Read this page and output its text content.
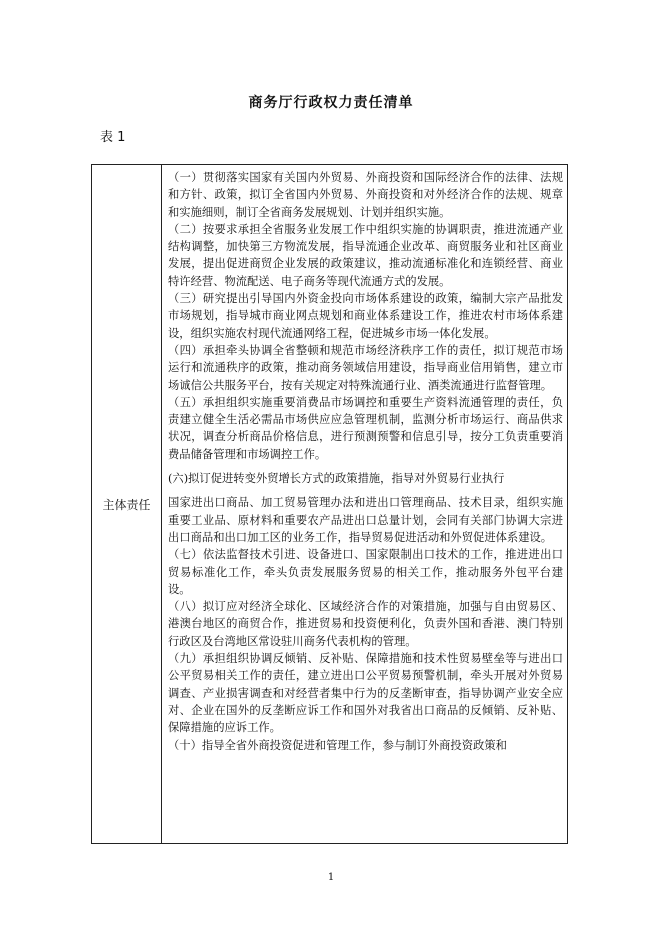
商务厅行政权力责任清单
表 1
主体责任

（一）贯彻落实国家有关国内外贸易、外商投资和国际经济合作的法律、法规和方针、政策，拟订全省国内外贸易、外商投资和对外经济合作的法规、规章和实施细则，制订全省商务发展规划、计划并组织实施。

（二）按要求承担全省服务业发展工作中组织实施的协调职责，推进流通产业结构调整，加快第三方物流发展，指导流通企业改革、商贸服务业和社区商业发展，提出促进商贸企业发展的政策建议，推动流通标准化和连锁经营、商业特许经营、物流配送、电子商务等现代流通方式的发展。

（三）研究提出引导国内外资金投向市场体系建设的政策，编制大宗产品批发市场规划，指导城市商业网点规划和商业体系建设工作，推进农村市场体系建设，组织实施农村现代流通网络工程，促进城乡市场一体化发展。

（四）承担牵头协调全省整顿和规范市场经济秩序工作的责任，拟订规范市场运行和流通秩序的政策，推动商务领域信用建设，指导商业信用销售，建立市场诚信公共服务平台，按有关规定对特殊流通行业、酒类流通进行监督管理。

（五）承担组织实施重要消费品市场调控和重要生产资料流通管理的责任，负责建立健全生活必需品市场供应应急管理机制，监测分析市场运行、商品供求状况，调查分析商品价格信息，进行预测预警和信息引导，按分工负责重要消费品储备管理和市场调控工作。

(六)拟订促进转变外贸增长方式的政策措施，指导对外贸易行业执行

国家进出口商品、加工贸易管理办法和进出口管理商品、技术目录，组织实施重要工业品、原材料和重要农产品进出口总量计划，会同有关部门协调大宗进出口商品和出口加工区的业务工作，指导贸易促进活动和外贸促进体系建设。

（七）依法监督技术引进、设备进口、国家限制出口技术的工作，推进进出口贸易标准化工作，牵头负责发展服务贸易的相关工作，推动服务外包平台建设。

（八）拟订应对经济全球化、区域经济合作的对策措施，加强与自由贸易区、港澳台地区的商贸合作，推进贸易和投资便利化，负责外国和香港、澳门特别行政区及台湾地区常设驻川商务代表机构的管理。

（九）承担组织协调反倾销、反补贴、保障措施和技术性贸易壁垒等与进出口公平贸易相关工作的责任，建立进出口公平贸易预警机制，牵头开展对外贸易调查、产业损害调查和对经营者集中行为的反垄断审查，指导协调产业安全应对、企业在国外的反垄断应诉工作和国外对我省出口商品的反倾销、反补贴、保障措施的应诉工作。

（十）指导全省外商投资促进和管理工作，参与制订外商投资政策和

1
